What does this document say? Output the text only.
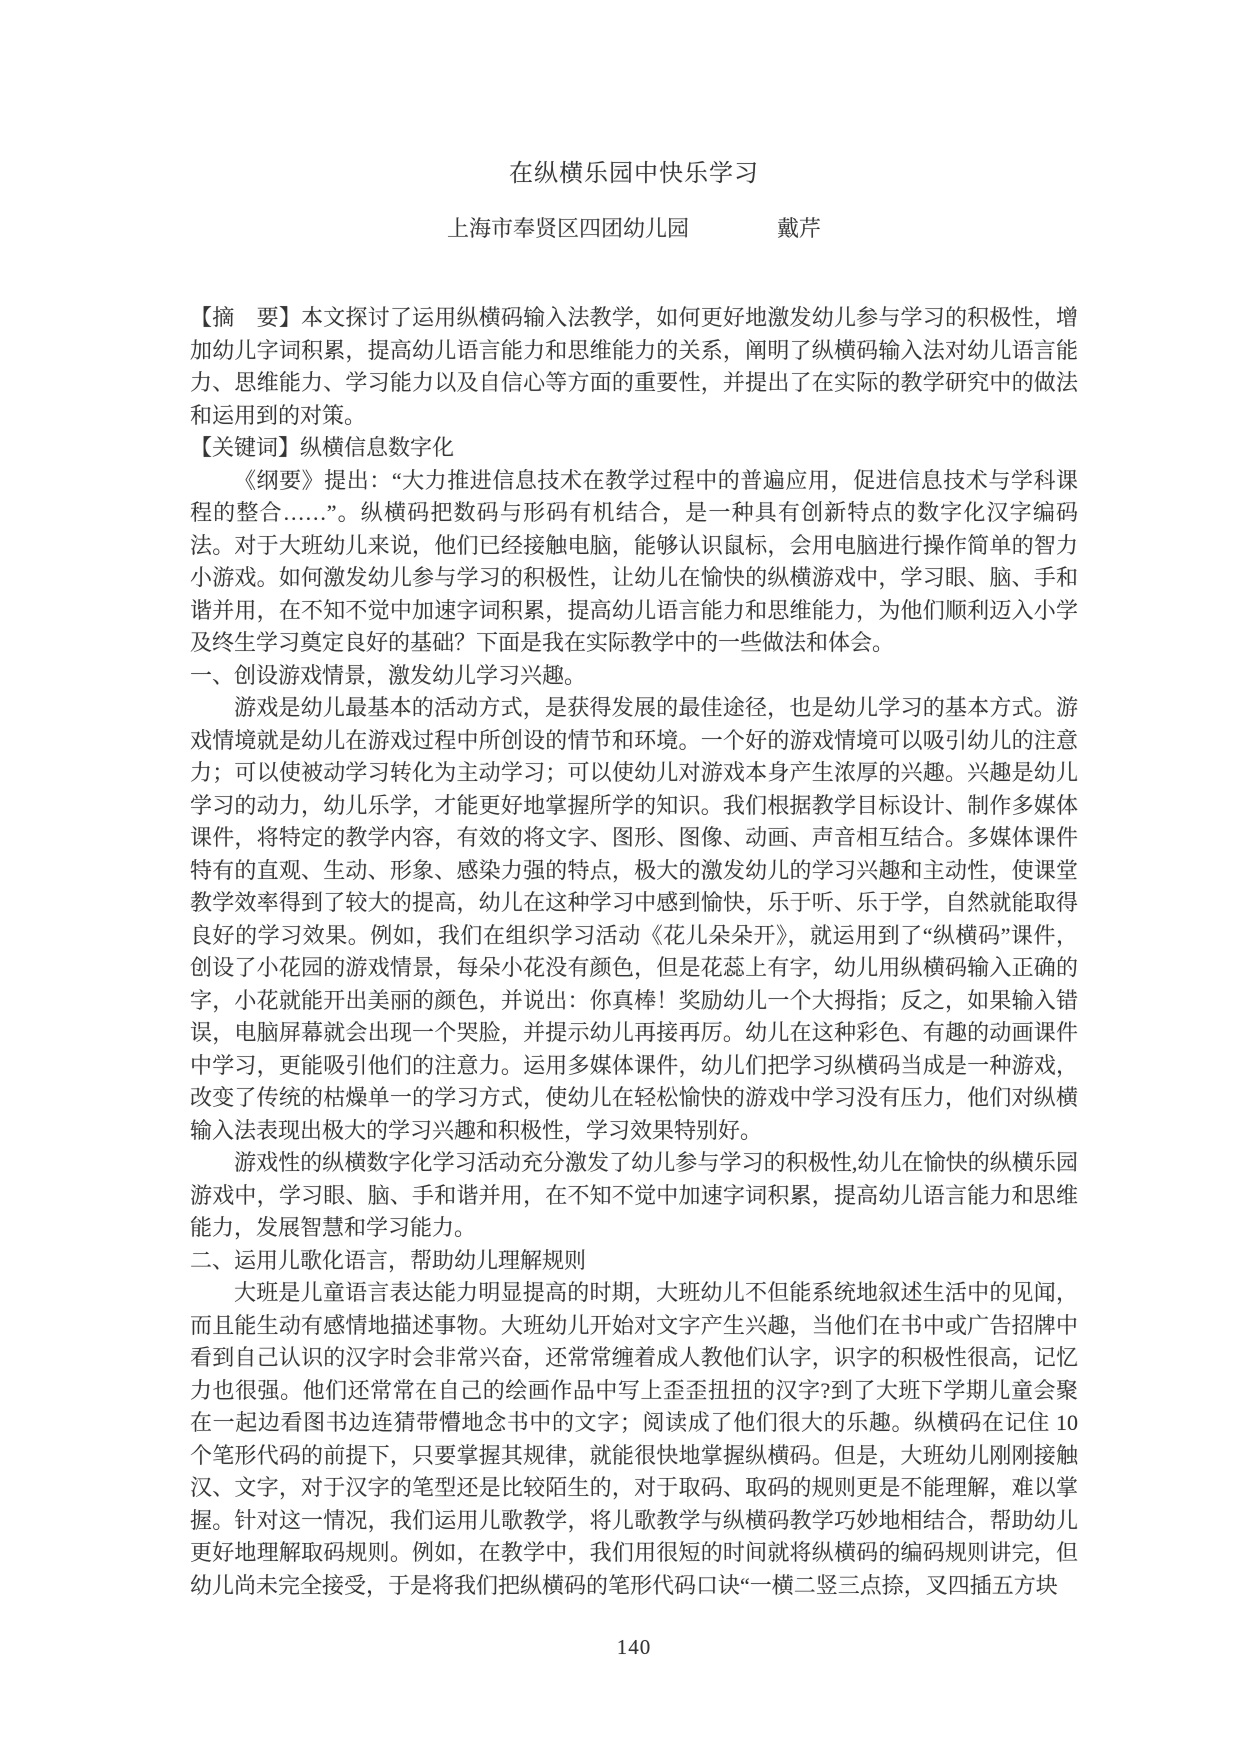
在纵横乐园中快乐学习
上海市奉贤区四团幼儿园　　　　戴芹

【摘　要】本文探讨了运用纵横码输入法教学，如何更好地激发幼儿参与学习的积极性，增加幼儿字词积累，提高幼儿语言能力和思维能力的关系，阐明了纵横码输入法对幼儿语言能力、思维能力、学习能力以及自信心等方面的重要性，并提出了在实际的教学研究中的做法和运用到的对策。

【关键词】纵横信息数字化

《纲要》提出：“大力推进信息技术在教学过程中的普遍应用，促进信息技术与学科课程的整合……”。纵横码把数码与形码有机结合，是一种具有创新特点的数字化汉字编码法。对于大班幼儿来说，他们已经接触电脑，能够认识鼠标，会用电脑进行操作简单的智力小游戏。如何激发幼儿参与学习的积极性，让幼儿在愉快的纵横游戏中，学习眼、脑、手和谐并用，在不知不觉中加速字词积累，提高幼儿语言能力和思维能力，为他们顺利迈入小学及终生学习奠定良好的基础？下面是我在实际教学中的一些做法和体会。

一、创设游戏情景，激发幼儿学习兴趣。

游戏是幼儿最基本的活动方式，是获得发展的最佳途径，也是幼儿学习的基本方式。游戏情境就是幼儿在游戏过程中所创设的情节和环境。一个好的游戏情境可以吸引幼儿的注意力；可以使被动学习转化为主动学习；可以使幼儿对游戏本身产生浓厚的兴趣。兴趣是幼儿学习的动力，幼儿乐学，才能更好地掌握所学的知识。我们根据教学目标设计、制作多媒体课件，将特定的教学内容，有效的将文字、图形、图像、动画、声音相互结合。多媒体课件特有的直观、生动、形象、感染力强的特点，极大的激发幼儿的学习兴趣和主动性，使课堂教学效率得到了较大的提高，幼儿在这种学习中感到愉快，乐于听、乐于学，自然就能取得良好的学习效果。例如，我们在组织学习活动《花儿朵朵开》，就运用到了“纵横码”课件，创设了小花园的游戏情景，每朵小花没有颜色，但是花蕊上有字，幼儿用纵横码输入正确的字，小花就能开出美丽的颜色，并说出：你真棒！奖励幼儿一个大拇指；反之，如果输入错误，电脑屏幕就会出现一个哭脸，并提示幼儿再接再厉。幼儿在这种彩色、有趣的动画课件中学习，更能吸引他们的注意力。运用多媒体课件，幼儿们把学习纵横码当成是一种游戏，改变了传统的枯燥单一的学习方式，使幼儿在轻松愉快的游戏中学习没有压力，他们对纵横输入法表现出极大的学习兴趣和积极性，学习效果特别好。

游戏性的纵横数字化学习活动充分激发了幼儿参与学习的积极性,幼儿在愉快的纵横乐园游戏中，学习眼、脑、手和谐并用，在不知不觉中加速字词积累，提高幼儿语言能力和思维能力，发展智慧和学习能力。

二、运用儿歌化语言，帮助幼儿理解规则

大班是儿童语言表达能力明显提高的时期，大班幼儿不但能系统地叙述生活中的见闻，而且能生动有感情地描述事物。大班幼儿开始对文字产生兴趣，当他们在书中或广告招牌中看到自己认识的汉字时会非常兴奋，还常常缠着成人教他们认字，识字的积极性很高，记忆力也很强。他们还常常在自己的绘画作品中写上歪歪扭扭的汉字?到了大班下学期儿童会聚在一起边看图书边连猜带懵地念书中的文字；阅读成了他们很大的乐趣。纵横码在记住 10 个笔形代码的前提下，只要掌握其规律，就能很快地掌握纵横码。但是，大班幼儿刚刚接触汉、文字，对于汉字的笔型还是比较陌生的，对于取码、取码的规则更是不能理解，难以掌握。针对这一情况，我们运用儿歌教学，将儿歌教学与纵横码教学巧妙地相结合，帮助幼儿更好地理解取码规则。例如，在教学中，我们用很短的时间就将纵横码的编码规则讲完，但幼儿尚未完全接受，于是将我们把纵横码的笔形代码口诀“一横二竖三点捺，叉四插五方块

140
